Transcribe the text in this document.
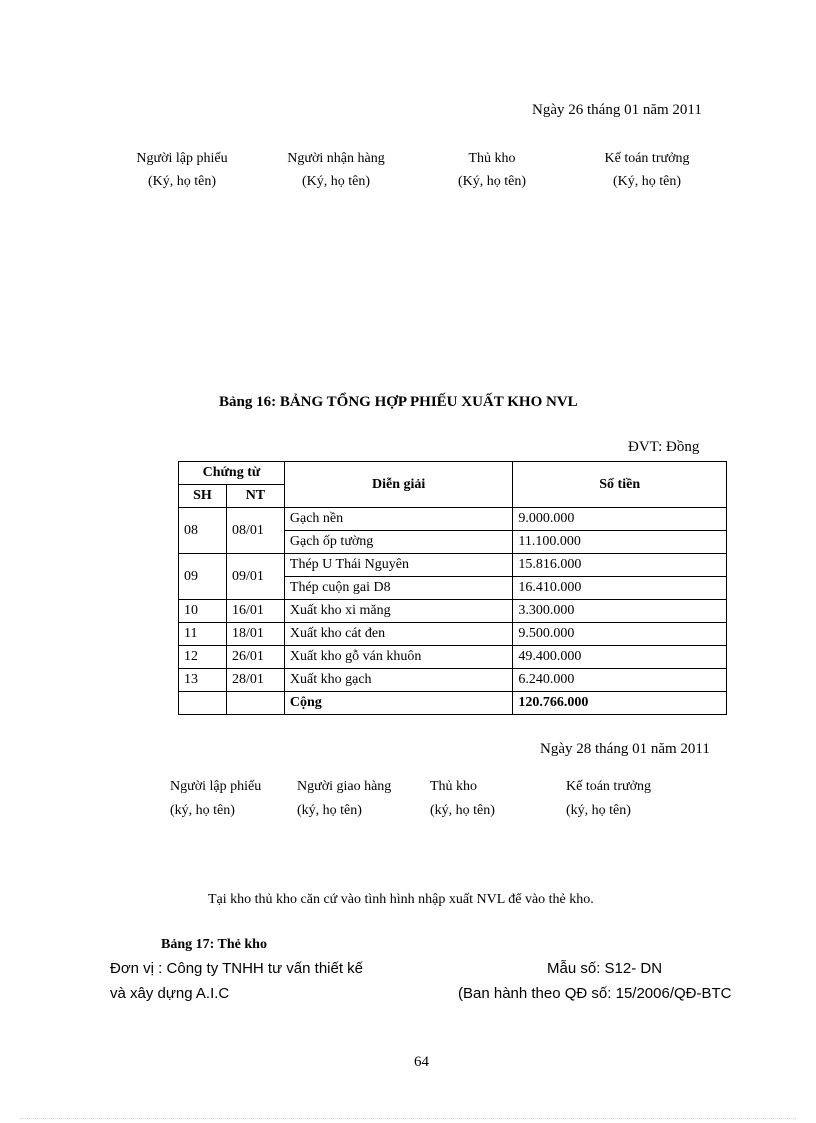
Ngày 26 tháng 01 năm 2011
Người lập phiếu
(Ký, họ tên)
Người nhận hàng
(Ký, họ tên)
Thủ kho
(Ký, họ tên)
Kế toán trưởng
(Ký, họ tên)
Bảng 16: BẢNG TỔNG HỢP PHIẾU XUẤT KHO NVL
ĐVT: Đồng
Chứng từ		Diễn giải	Số tiền
SH	NT		
08	08/01	Gạch nền	9.000.000
		Gạch ốp tường	11.100.000
09	09/01	Thép U Thái Nguyên	15.816.000
		Thép cuộn gai D8	16.410.000
10	16/01	Xuất kho xi măng	3.300.000
11	18/01	Xuất kho cát đen	9.500.000
12	26/01	Xuất kho gỗ ván khuôn	49.400.000
13	28/01	Xuất kho gạch	6.240.000
		Cộng	120.766.000
Ngày 28 tháng 01 năm 2011
Người lập phiếu
(ký, họ tên)
Người giao hàng
(ký, họ tên)
Thủ kho
(ký, họ tên)
Kế toán trưởng
(ký, họ tên)
Tại kho thủ kho căn cứ vào tình hình nhập xuất NVL để vào thẻ kho.
Bảng 17: Thẻ kho
Đơn vị : Công ty TNHH tư vấn thiết kế
và xây dựng A.I.C
Mẫu số: S12- DN
(Ban hành theo QĐ số: 15/2006/QĐ-BTC
64
